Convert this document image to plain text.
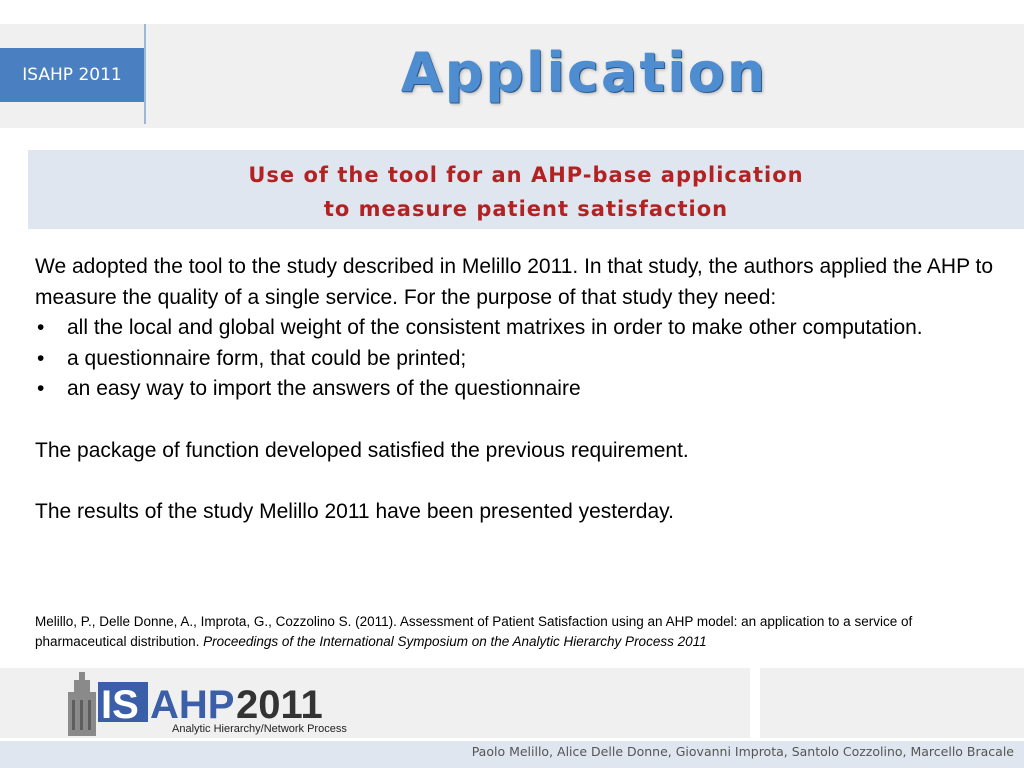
ISAHP 2011	Application
Use of the tool for an AHP-base application
to measure patient satisfaction

We adopted the tool to the study described in Melillo 2011. In that study, the authors applied the AHP to measure the quality of a single service. For the purpose of that study they need:

• all the local and global weight of the consistent matrixes in order to make other computation.
• a questionnaire form, that could be printed;
• an easy way to import the answers of the questionnaire

The package of function developed satisfied the previous requirement.

The results of the study Melillo 2011 have been presented yesterday.

Melillo, P., Delle Donne, A., Improta, G., Cozzolino S. (2011). Assessment of Patient Satisfaction using an AHP model: an application to a service of pharmaceutical distribution. Proceedings of the International Symposium on the Analytic Hierarchy Process 2011
IS AHP 2011
Analytic Hierarchy/Network Process
Paolo Melillo, Alice Delle Donne, Giovanni Improta, Santolo Cozzolino, Marcello Bracale
